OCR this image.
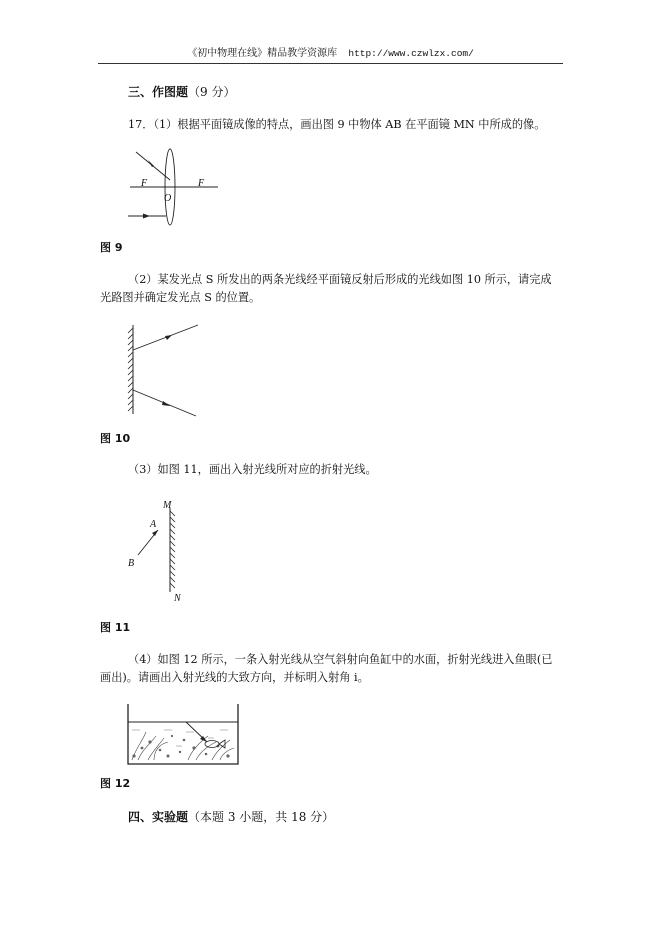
《初中物理在线》精品教学资源库 http://www.czwlzx.com/
三、作图题（9 分）
17．（1）根据平面镜成像的特点，画出图 9 中物体 AB 在平面镜 MN 中所成的像。
F	F
O
图 9
（2）某发光点 S 所发出的两条光线经平面镜反射后形成的光线如图 10 所示，请完成
光路图并确定发光点 S 的位置。
图 10
（3）如图 11，画出入射光线所对应的折射光线。
M
N
A
B
图 11
（4）如图 12 所示，一条入射光线从空气斜射向鱼缸中的水面，折射光线进入鱼眼(已
画出)。请画出入射光线的大致方向，并标明入射角 i。
图 12
四、实验题（本题 3 小题，共 18 分）
